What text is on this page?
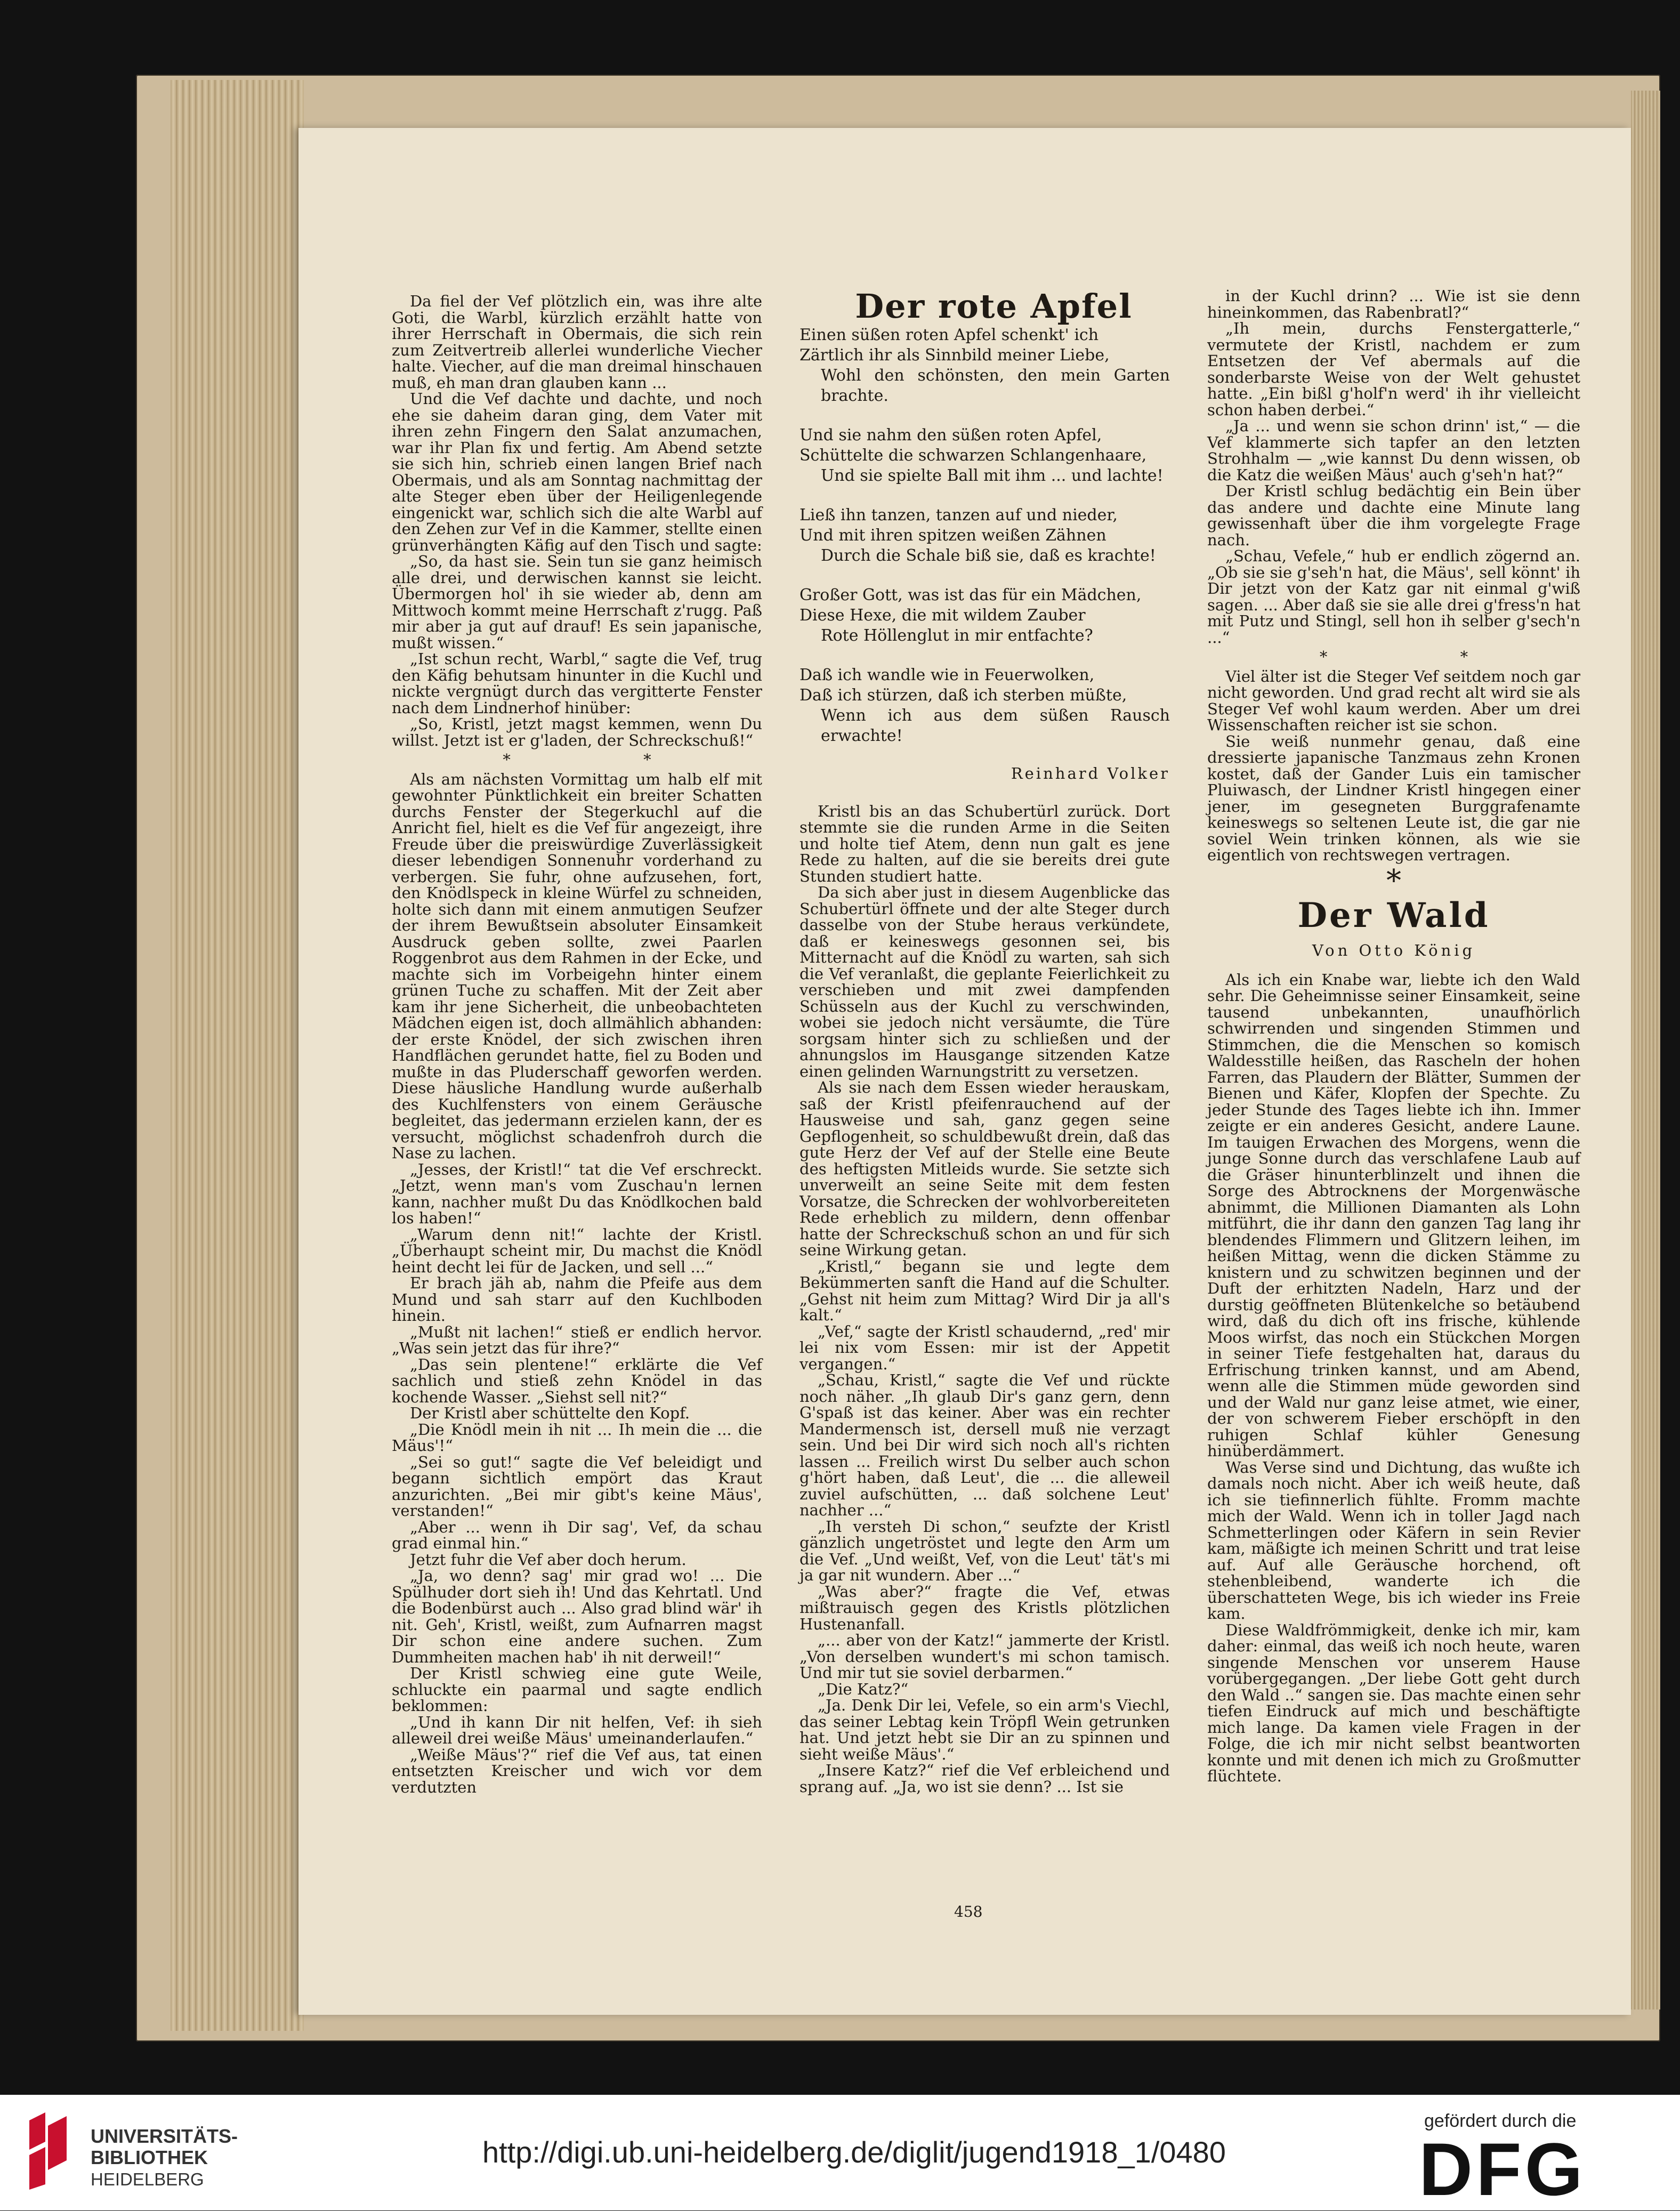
Da fiel der Vef plötzlich ein, was ihre alte Goti, die Warbl, kürzlich erzählt hatte von ihrer Herrschaft in Obermais, die sich rein zum Zeitvertreib allerlei wunderliche Viecher halte. Viecher, auf die man dreimal hinschauen muß, eh man dran glauben kann ...

Und die Vef dachte und dachte, und noch ehe sie daheim daran ging, dem Vater mit ihren zehn Fingern den Salat anzumachen, war ihr Plan fix und fertig. Am Abend setzte sie sich hin, schrieb einen langen Brief nach Obermais, und als am Sonntag nachmittag der alte Steger eben über der Heiligenlegende eingenickt war, schlich sich die alte Warbl auf den Zehen zur Vef in die Kammer, stellte einen grünverhängten Käfig auf den Tisch und sagte:

„So, da hast sie. Sein tun sie ganz heimisch alle drei, und derwischen kannst sie leicht. Übermorgen hol' ih sie wieder ab, denn am Mittwoch kommt meine Herrschaft z'rugg. Paß mir aber ja gut auf drauf! Es sein japanische, mußt wissen.“

„Ist schun recht, Warbl,“ sagte die Vef, trug den Käfig behutsam hinunter in die Kuchl und nickte vergnügt durch das vergitterte Fenster nach dem Lindnerhof hinüber:

„So, Kristl, jetzt magst kemmen, wenn Du willst. Jetzt ist er g'laden, der Schreckschuß!“

* *

Als am nächsten Vormittag um halb elf mit gewohnter Pünktlichkeit ein breiter Schatten durchs Fenster der Stegerkuchl auf die Anricht fiel, hielt es die Vef für angezeigt, ihre Freude über die preiswürdige Zuverlässigkeit dieser lebendigen Sonnenuhr vorderhand zu verbergen. Sie fuhr, ohne aufzusehen, fort, den Knödlspeck in kleine Würfel zu schneiden, holte sich dann mit einem anmutigen Seufzer der ihrem Bewußtsein absoluter Einsamkeit Ausdruck geben sollte, zwei Paarlen Roggenbrot aus dem Rahmen in der Ecke, und machte sich im Vorbeigehn hinter einem grünen Tuche zu schaffen. Mit der Zeit aber kam ihr jene Sicherheit, die unbeobachteten Mädchen eigen ist, doch allmählich abhanden: der erste Knödel, der sich zwischen ihren Handflächen gerundet hatte, fiel zu Boden und mußte in das Pluderschaff geworfen werden. Diese häusliche Handlung wurde außerhalb des Kuchlfensters von einem Geräusche begleitet, das jedermann erzielen kann, der es versucht, möglichst schadenfroh durch die Nase zu lachen.

„Jesses, der Kristl!“ tat die Vef erschreckt. „Jetzt, wenn man's vom Zuschau'n lernen kann, nachher mußt Du das Knödlkochen bald los haben!“

„Warum denn nit!“ lachte der Kristl. „Überhaupt scheint mir, Du machst die Knödl heint decht lei für de Jacken, und sell ...“

Er brach jäh ab, nahm die Pfeife aus dem Mund und sah starr auf den Kuchlboden hinein.

„Mußt nit lachen!“ stieß er endlich hervor. „Was sein jetzt das für ihre?“

„Das sein plentene!“ erklärte die Vef sachlich und stieß zehn Knödel in das kochende Wasser. „Siehst sell nit?“

Der Kristl aber schüttelte den Kopf.

„Die Knödl mein ih nit ... Ih mein die ... die Mäus'!“

„Sei so gut!“ sagte die Vef beleidigt und begann sichtlich empört das Kraut anzurichten. „Bei mir gibt's keine Mäus', verstanden!“

„Aber ... wenn ih Dir sag', Vef, da schau grad einmal hin.“

Jetzt fuhr die Vef aber doch herum.

„Ja, wo denn? sag' mir grad wo! ... Die Spülhuder dort sieh ih! Und das Kehrtatl. Und die Bodenbürst auch ... Also grad blind wär' ih nit. Geh', Kristl, weißt, zum Aufnarren magst Dir schon eine andere suchen. Zum Dummheiten machen hab' ih nit derweil!“

Der Kristl schwieg eine gute Weile, schluckte ein paarmal und sagte endlich beklommen:

„Und ih kann Dir nit helfen, Vef: ih sieh alleweil drei weiße Mäus' umeinanderlaufen.“

„Weiße Mäus'?“ rief die Vef aus, tat einen entsetzten Kreischer und wich vor dem verdutzten

Der rote Apfel

Einen süßen roten Apfel schenkt' ich

Zärtlich ihr als Sinnbild meiner Liebe,

Wohl den schönsten, den mein Garten brachte.

Und sie nahm den süßen roten Apfel,

Schüttelte die schwarzen Schlangenhaare,

Und sie spielte Ball mit ihm ... und lachte!

Ließ ihn tanzen, tanzen auf und nieder,

Und mit ihren spitzen weißen Zähnen

Durch die Schale biß sie, daß es krachte!

Großer Gott, was ist das für ein Mädchen,

Diese Hexe, die mit wildem Zauber

Rote Höllenglut in mir entfachte?

Daß ich wandle wie in Feuerwolken,

Daß ich stürzen, daß ich sterben müßte,

Wenn ich aus dem süßen Rausch erwachte!

Reinhard Volker

Kristl bis an das Schubertürl zurück. Dort stemmte sie die runden Arme in die Seiten und holte tief Atem, denn nun galt es jene Rede zu halten, auf die sie bereits drei gute Stunden studiert hatte.

Da sich aber just in diesem Augenblicke das Schubertürl öffnete und der alte Steger durch dasselbe von der Stube heraus verkündete, daß er keineswegs gesonnen sei, bis Mitternacht auf die Knödl zu warten, sah sich die Vef veranlaßt, die geplante Feierlichkeit zu verschieben und mit zwei dampfenden Schüsseln aus der Kuchl zu verschwinden, wobei sie jedoch nicht versäumte, die Türe sorgsam hinter sich zu schließen und der ahnungslos im Hausgange sitzenden Katze einen gelinden Warnungstritt zu versetzen.

Als sie nach dem Essen wieder herauskam, saß der Kristl pfeifenrauchend auf der Hausweise und sah, ganz gegen seine Gepflogenheit, so schuldbewußt drein, daß das gute Herz der Vef auf der Stelle eine Beute des heftigsten Mitleids wurde. Sie setzte sich unverweilt an seine Seite mit dem festen Vorsatze, die Schrecken der wohlvorbereiteten Rede erheblich zu mildern, denn offenbar hatte der Schreckschuß schon an und für sich seine Wirkung getan.

„Kristl,“ begann sie und legte dem Bekümmerten sanft die Hand auf die Schulter. „Gehst nit heim zum Mittag? Wird Dir ja all's kalt.“

„Vef,“ sagte der Kristl schaudernd, „red' mir lei nix vom Essen: mir ist der Appetit vergangen.“

„Schau, Kristl,“ sagte die Vef und rückte noch näher. „Ih glaub Dir's ganz gern, denn G'spaß ist das keiner. Aber was ein rechter Mandermensch ist, dersell muß nie verzagt sein. Und bei Dir wird sich noch all's richten lassen ... Freilich wirst Du selber auch schon g'hört haben, daß Leut', die ... die alleweil zuviel aufschütten, ... daß solchene Leut' nachher ...“

„Ih versteh Di schon,“ seufzte der Kristl gänzlich ungetröstet und legte den Arm um die Vef. „Und weißt, Vef, von die Leut' tät's mi ja gar nit wundern. Aber ...“

„Was aber?“ fragte die Vef, etwas mißtrauisch gegen des Kristls plötzlichen Hustenanfall.

„... aber von der Katz!“ jammerte der Kristl. „Von derselben wundert's mi schon tamisch. Und mir tut sie soviel derbarmen.“

„Die Katz?“

„Ja. Denk Dir lei, Vefele, so ein arm's Viechl, das seiner Lebtag kein Tröpfl Wein getrunken hat. Und jetzt hebt sie Dir an zu spinnen und sieht weiße Mäus'.“

„Insere Katz?“ rief die Vef erbleichend und sprang auf. „Ja, wo ist sie denn? ... Ist sie

in der Kuchl drinn? ... Wie ist sie denn hineinkommen, das Rabenbratl?“

„Ih mein, durchs Fenstergatterle,“ vermutete der Kristl, nachdem er zum Entsetzen der Vef abermals auf die sonderbarste Weise von der Welt gehustet hatte. „Ein bißl g'holf'n werd' ih ihr vielleicht schon haben derbei.“

„Ja ... und wenn sie schon drinn' ist,“ — die Vef klammerte sich tapfer an den letzten Strohhalm — „wie kannst Du denn wissen, ob die Katz die weißen Mäus' auch g'seh'n hat?“

Der Kristl schlug bedächtig ein Bein über das andere und dachte eine Minute lang gewissenhaft über die ihm vorgelegte Frage nach.

„Schau, Vefele,“ hub er endlich zögernd an. „Ob sie sie g'seh'n hat, die Mäus', sell könnt' ih Dir jetzt von der Katz gar nit einmal g'wiß sagen. ... Aber daß sie sie alle drei g'fress'n hat mit Putz und Stingl, sell hon ih selber g'sech'n ...“

* *

Viel älter ist die Steger Vef seitdem noch gar nicht geworden. Und grad recht alt wird sie als Steger Vef wohl kaum werden. Aber um drei Wissenschaften reicher ist sie schon.

Sie weiß nunmehr genau, daß eine dressierte japanische Tanzmaus zehn Kronen kostet, daß der Gander Luis ein tamischer Pluiwasch, der Lindner Kristl hingegen einer jener, im gesegneten Burggrafenamte keineswegs so seltenen Leute ist, die gar nie soviel Wein trinken können, als wie sie eigentlich von rechtswegen vertragen.

*

Der Wald

Von Otto König

Als ich ein Knabe war, liebte ich den Wald sehr. Die Geheimnisse seiner Einsamkeit, seine tausend unbekannten, unaufhörlich schwirrenden und singenden Stimmen und Stimmchen, die die Menschen so komisch Waldesstille heißen, das Rascheln der hohen Farren, das Plaudern der Blätter, Summen der Bienen und Käfer, Klopfen der Spechte. Zu jeder Stunde des Tages liebte ich ihn. Immer zeigte er ein anderes Gesicht, andere Laune. Im tauigen Erwachen des Morgens, wenn die junge Sonne durch das verschlafene Laub auf die Gräser hinunterblinzelt und ihnen die Sorge des Abtrocknens der Morgenwäsche abnimmt, die Millionen Diamanten als Lohn mitführt, die ihr dann den ganzen Tag lang ihr blendendes Flimmern und Glitzern leihen, im heißen Mittag, wenn die dicken Stämme zu knistern und zu schwitzen beginnen und der Duft der erhitzten Nadeln, Harz und der durstig geöffneten Blütenkelche so betäubend wird, daß du dich oft ins frische, kühlende Moos wirfst, das noch ein Stückchen Morgen in seiner Tiefe festgehalten hat, daraus du Erfrischung trinken kannst, und am Abend, wenn alle die Stimmen müde geworden sind und der Wald nur ganz leise atmet, wie einer, der von schwerem Fieber erschöpft in den ruhigen Schlaf kühler Genesung hinüberdämmert.

Was Verse sind und Dichtung, das wußte ich damals noch nicht. Aber ich weiß heute, daß ich sie tiefinnerlich fühlte. Fromm machte mich der Wald. Wenn ich in toller Jagd nach Schmetterlingen oder Käfern in sein Revier kam, mäßigte ich meinen Schritt und trat leise auf. Auf alle Geräusche horchend, oft stehenbleibend, wanderte ich die überschatteten Wege, bis ich wieder ins Freie kam.

Diese Waldfrömmigkeit, denke ich mir, kam daher: einmal, das weiß ich noch heute, waren singende Menschen vor unserem Hause vorübergegangen. „Der liebe Gott geht durch den Wald ..“ sangen sie. Das machte einen sehr tiefen Eindruck auf mich und beschäftigte mich lange. Da kamen viele Fragen in der Folge, die ich mir nicht selbst beantworten konnte und mit denen ich mich zu Großmutter flüchtete.

458
UNIVERSITÄTS-
BIBLIOTHEK
HEIDELBERG
http://digi.ub.uni-heidelberg.de/diglit/jugend1918_1/0480
gefördert durch die
DFG
